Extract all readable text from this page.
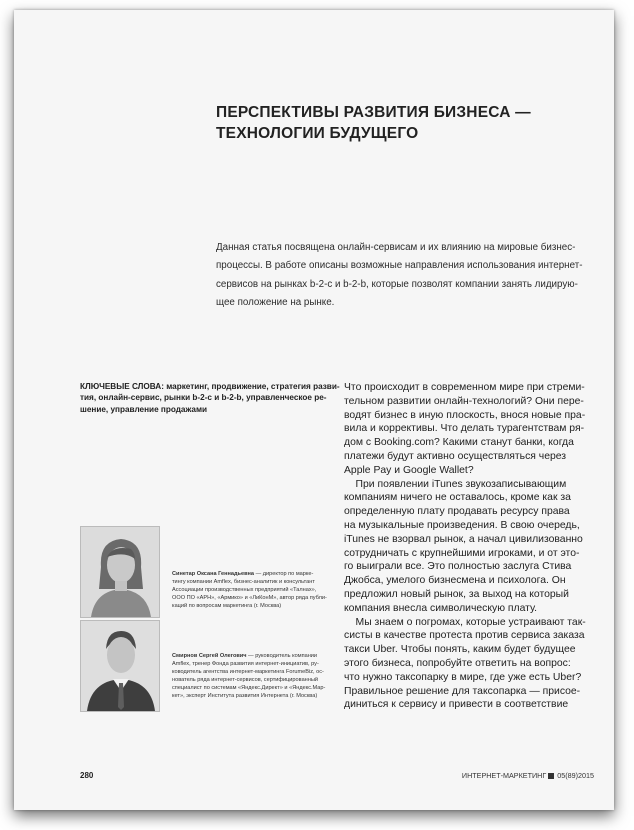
ПЕРСПЕКТИВЫ РАЗВИТИЯ БИЗНЕСА —
ТЕХНОЛОГИИ БУДУЩЕГО
Данная статья посвящена онлайн-сервисам и их влиянию на мировые бизнес-
процессы. В работе описаны возможные направления использования интернет-
сервисов на рынках b-2-с и b-2-b, которые позволят компании занять лидирую-
щее положение на рынке.
КЛЮЧЕВЫЕ СЛОВА: маркетинг, продвижение, стратегия разви-
тия, онлайн-сервис, рынки b-2-c и b-2-b, управленческое ре-
шение, управление продажами
Что происходит в современном мире при стреми-
тельном развитии онлайн-технологий? Они пере-
водят бизнес в иную плоскость, внося новые пра-
вила и коррективы. Что делать турагентствам ря-
дом с Booking.com? Какими станут банки, когда
платежи будут активно осуществляться через
Apple Pay и Google Wallet?
При появлении iTunes звукозаписывающим
компаниям ничего не оставалось, кроме как за
определенную плату продавать ресурсу права
на музыкальные произведения. В свою очередь,
iTunes не взорвал рынок, а начал цивилизованно
сотрудничать с крупнейшими игроками, и от это-
го выиграли все. Это полностью заслуга Стива
Джобса, умелого бизнесмена и психолога. Он
предложил новый рынок, за выход на который
компания внесла символическую плату.
Мы знаем о погромах, которые устраивают так-
систы в качестве протеста против сервиса заказа
такси Uber. Чтобы понять, каким будет будущее
этого бизнеса, попробуйте ответить на вопрос:
что нужно таксопарку в мире, где уже есть Uber?
Правильное решение для таксопарка — присое-
диниться к сервису и привести в соответствие
Синетар Оксана Геннадьевна — директор по марке-
тингу компании Amflex, бизнес-аналитик и консультант
Ассоциации производственных предприятий «Талнах»,
ООО ПО «АРН», «Армико» и «ЛиКонМ», автор ряда публи-
каций по вопросам маркетинга (г. Москва)
Смирнов Сергей Олегович — руководитель компании
Amflex, тренер Фонда развития интернет-инициатив, ру-
ководитель агентства интернет-маркетинга ForumeBiz, ос-
нователь ряда интернет-сервисов, сертифицированный
специалист по системам «Яндекс.Директ» и «Яндекс.Мар-
кет», эксперт Института развития Интернета (г. Москва)
280	ИНТЕРНЕТ-МАРКЕТИНГ 05(89)2015
